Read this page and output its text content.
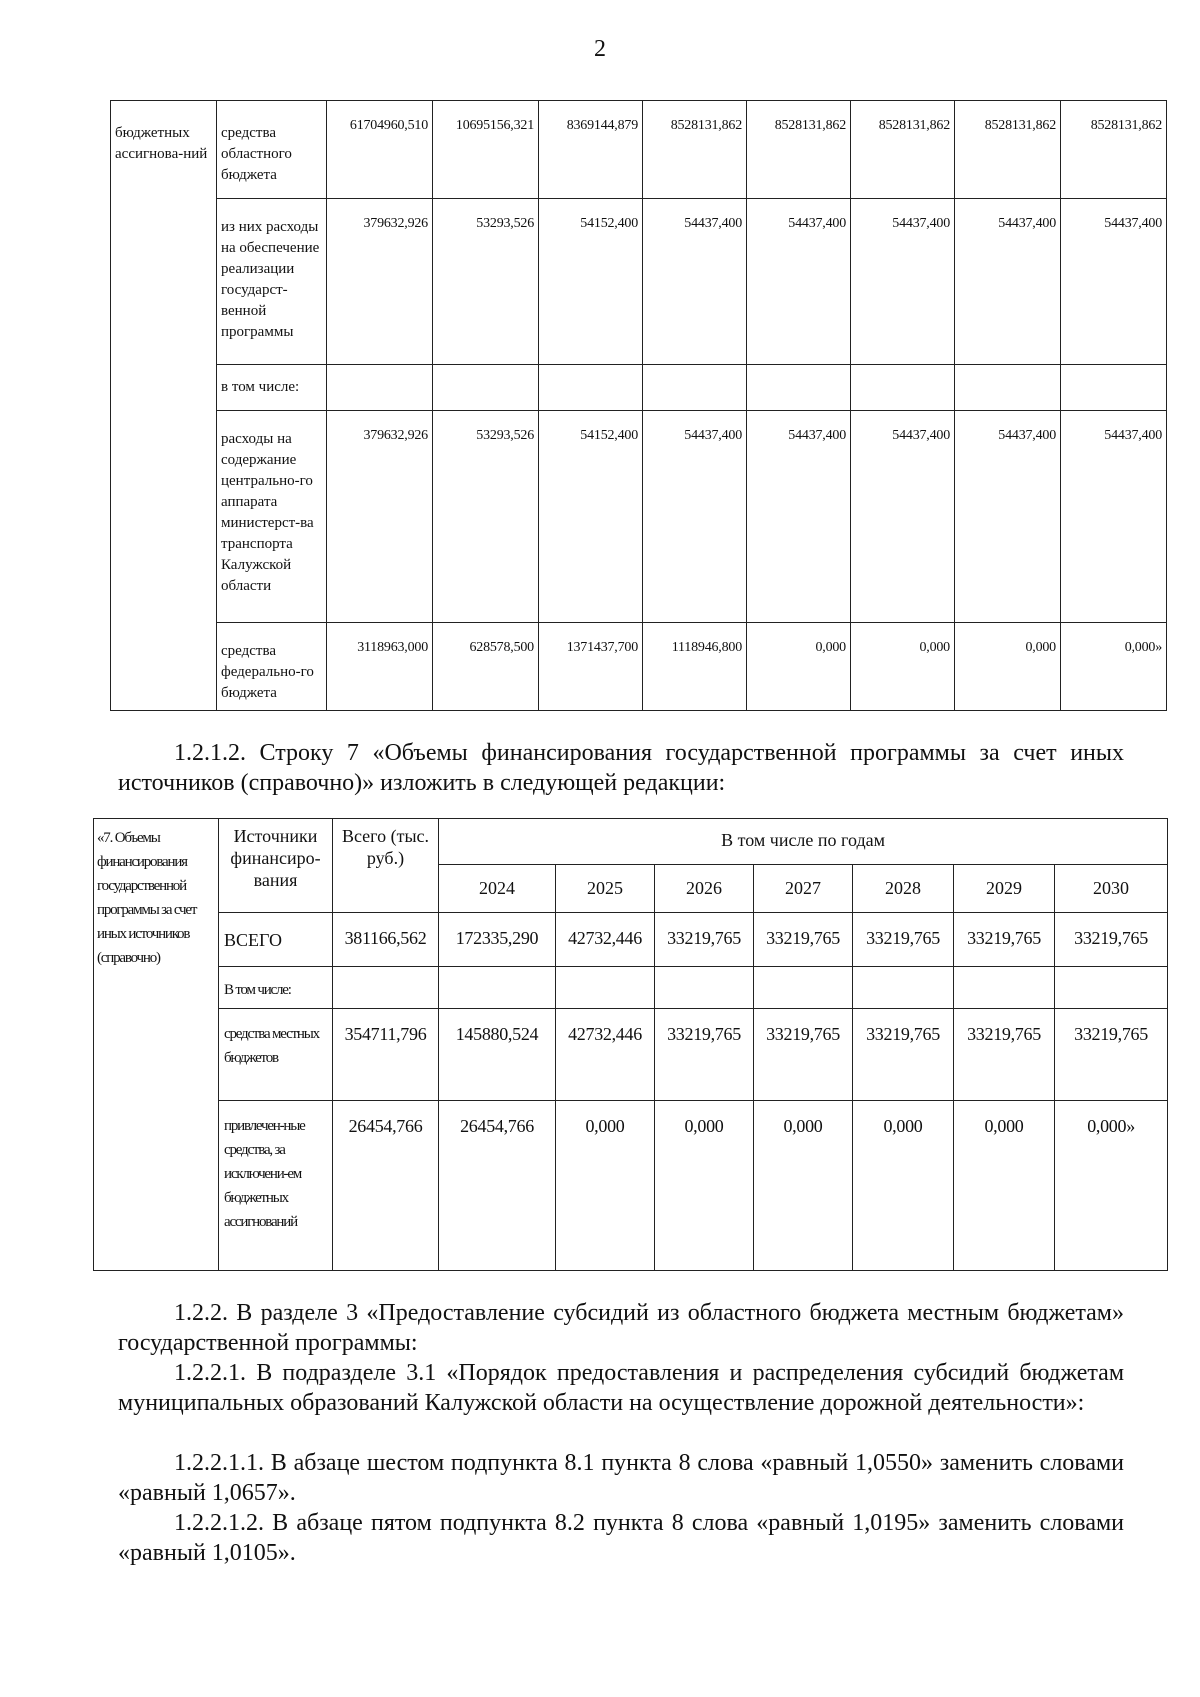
2
бюджетных ассигнова-ний	средства областного бюджета	61704960,510	10695156,321	8369144,879	8528131,862	8528131,862	8528131,862	8528131,862	8528131,862
	из них расходы на обеспечение реализации государст-венной программы	379632,926	53293,526	54152,400	54437,400	54437,400	54437,400	54437,400	54437,400
	в том числе:								
	расходы на содержание центрально-го аппарата министерст-ва транспорта Калужской области	379632,926	53293,526	54152,400	54437,400	54437,400	54437,400	54437,400	54437,400
	средства федерально-го бюджета	3118963,000	628578,500	1371437,700	1118946,800	0,000	0,000	0,000	0,000»
1.2.1.2. Строку 7 «Объемы финансирования государственной программы за счет иных источников (справочно)» изложить в следующей редакции:
«7. Объемы финансирования государственной программы за счет иных источников (справочно)	Источники финансиро-вания	Всего (тыс. руб.)	В том числе по годам						
			2024	2025	2026	2027	2028	2029	2030
	ВСЕГО	381166,562	172335,290	42732,446	33219,765	33219,765	33219,765	33219,765	33219,765
	В том числе:								
	средства местных бюджетов	354711,796	145880,524	42732,446	33219,765	33219,765	33219,765	33219,765	33219,765
	привлечен-ные средства, за исключени-ем бюджетных ассигнований	26454,766	26454,766	0,000	0,000	0,000	0,000	0,000	0,000»
1.2.2. В разделе 3 «Предоставление субсидий из областного бюджета местным бюджетам» государственной программы:
1.2.2.1. В подразделе 3.1 «Порядок предоставления и распределения субсидий бюджетам муниципальных образований Калужской области на осуществление дорожной деятельности»:
1.2.2.1.1. В абзаце шестом подпункта 8.1 пункта 8 слова «равный 1,0550» заменить словами «равный 1,0657».
1.2.2.1.2. В абзаце пятом подпункта 8.2 пункта 8 слова «равный 1,0195» заменить словами «равный 1,0105».
